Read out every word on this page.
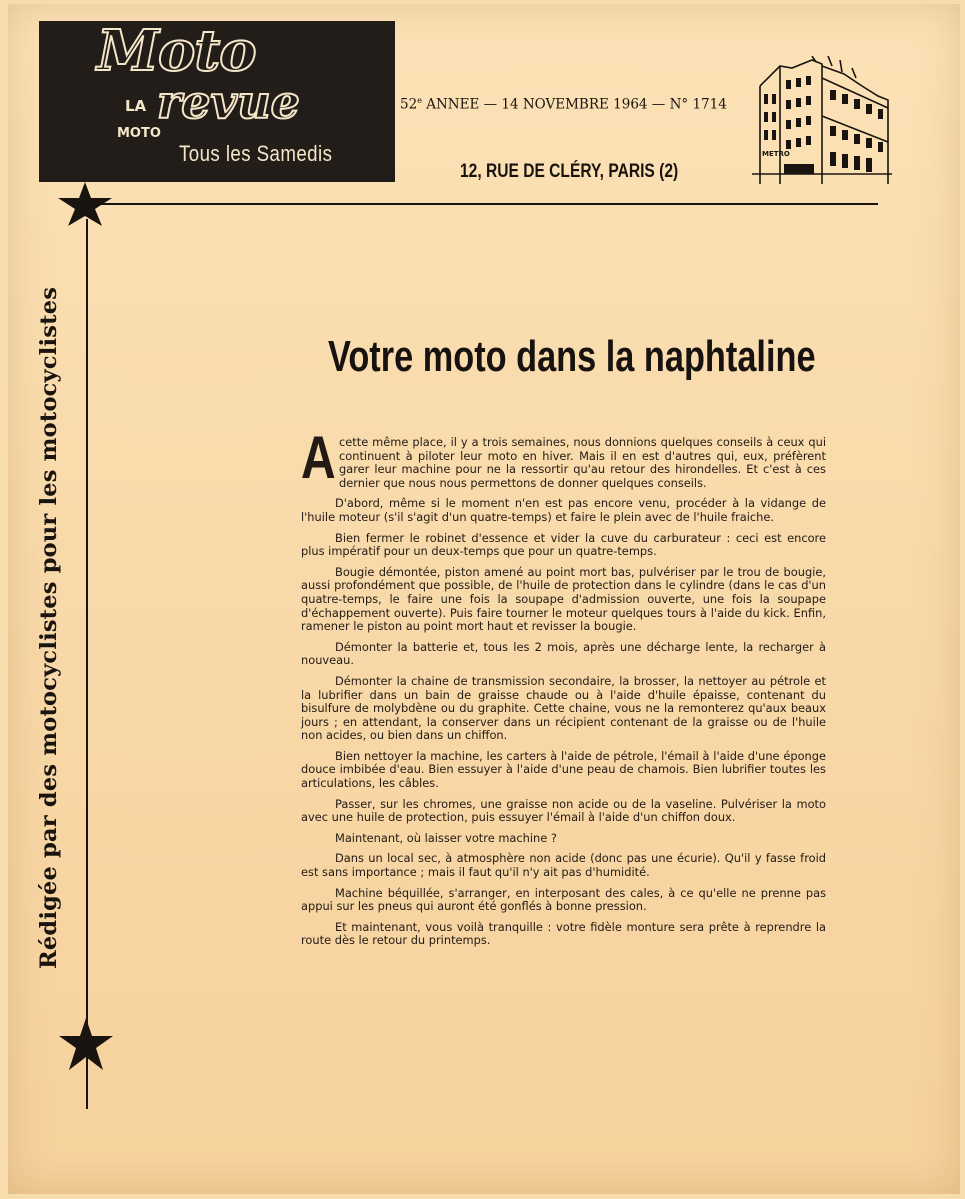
Moto
LA
MOTO
revue
Tous les Samedis
52e ANNEE — 14 NOVEMBRE 1964 — N° 1714
12, RUE DE CLÉRY, PARIS (2)
METRO
Rédigée par des motocyclistes pour les motocyclistes	Votre moto dans la naphtaline

Acette même place, il y a trois semaines, nous donnions quelques conseils à ceux qui continuent à piloter leur moto en hiver. Mais il en est d'autres qui, eux, préfèrent garer leur machine pour ne la ressortir qu'au retour des hirondelles. Et c'est à ces dernier que nous nous permettons de donner quelques conseils.

D'abord, même si le moment n'en est pas encore venu, procéder à la vidange de l'huile moteur (s'il s'agit d'un quatre-temps) et faire le plein avec de l'huile fraiche.

Bien fermer le robinet d'essence et vider la cuve du carburateur : ceci est encore plus impératif pour un deux-temps que pour un quatre-temps.

Bougie démontée, piston amené au point mort bas, pulvériser par le trou de bougie, aussi profondément que possible, de l'huile de protection dans le cylindre (dans le cas d'un quatre-temps, le faire une fois la soupape d'admission ouverte, une fois la soupape d'échappement ouverte). Puis faire tourner le moteur quelques tours à l'aide du kick. Enfin, ramener le piston au point mort haut et revisser la bougie.

Démonter la batterie et, tous les 2 mois, après une décharge lente, la recharger à nouveau.

Démonter la chaine de transmission secondaire, la brosser, la nettoyer au pétrole et la lubrifier dans un bain de graisse chaude ou à l'aide d'huile épaisse, contenant du bisulfure de molybdène ou du graphite. Cette chaine, vous ne la remonterez qu'aux beaux jours ; en attendant, la conserver dans un récipient contenant de la graisse ou de l'huile non acides, ou bien dans un chiffon.

Bien nettoyer la machine, les carters à l'aide de pétrole, l'émail à l'aide d'une éponge douce imbibée d'eau. Bien essuyer à l'aide d'une peau de chamois. Bien lubrifier toutes les articulations, les câbles.

Passer, sur les chromes, une graisse non acide ou de la vaseline. Pulvériser la moto avec une huile de protection, puis essuyer l'émail à l'aide d'un chiffon doux.

Maintenant, où laisser votre machine ?

Dans un local sec, à atmosphère non acide (donc pas une écurie). Qu'il y fasse froid est sans importance ; mais il faut qu'il n'y ait pas d'humidité.

Machine béquillée, s'arranger, en interposant des cales, à ce qu'elle ne prenne pas appui sur les pneus qui auront été gonflés à bonne pression.

Et maintenant, vous voilà tranquille : votre fidèle monture sera prête à reprendre la route dès le retour du printemps.
